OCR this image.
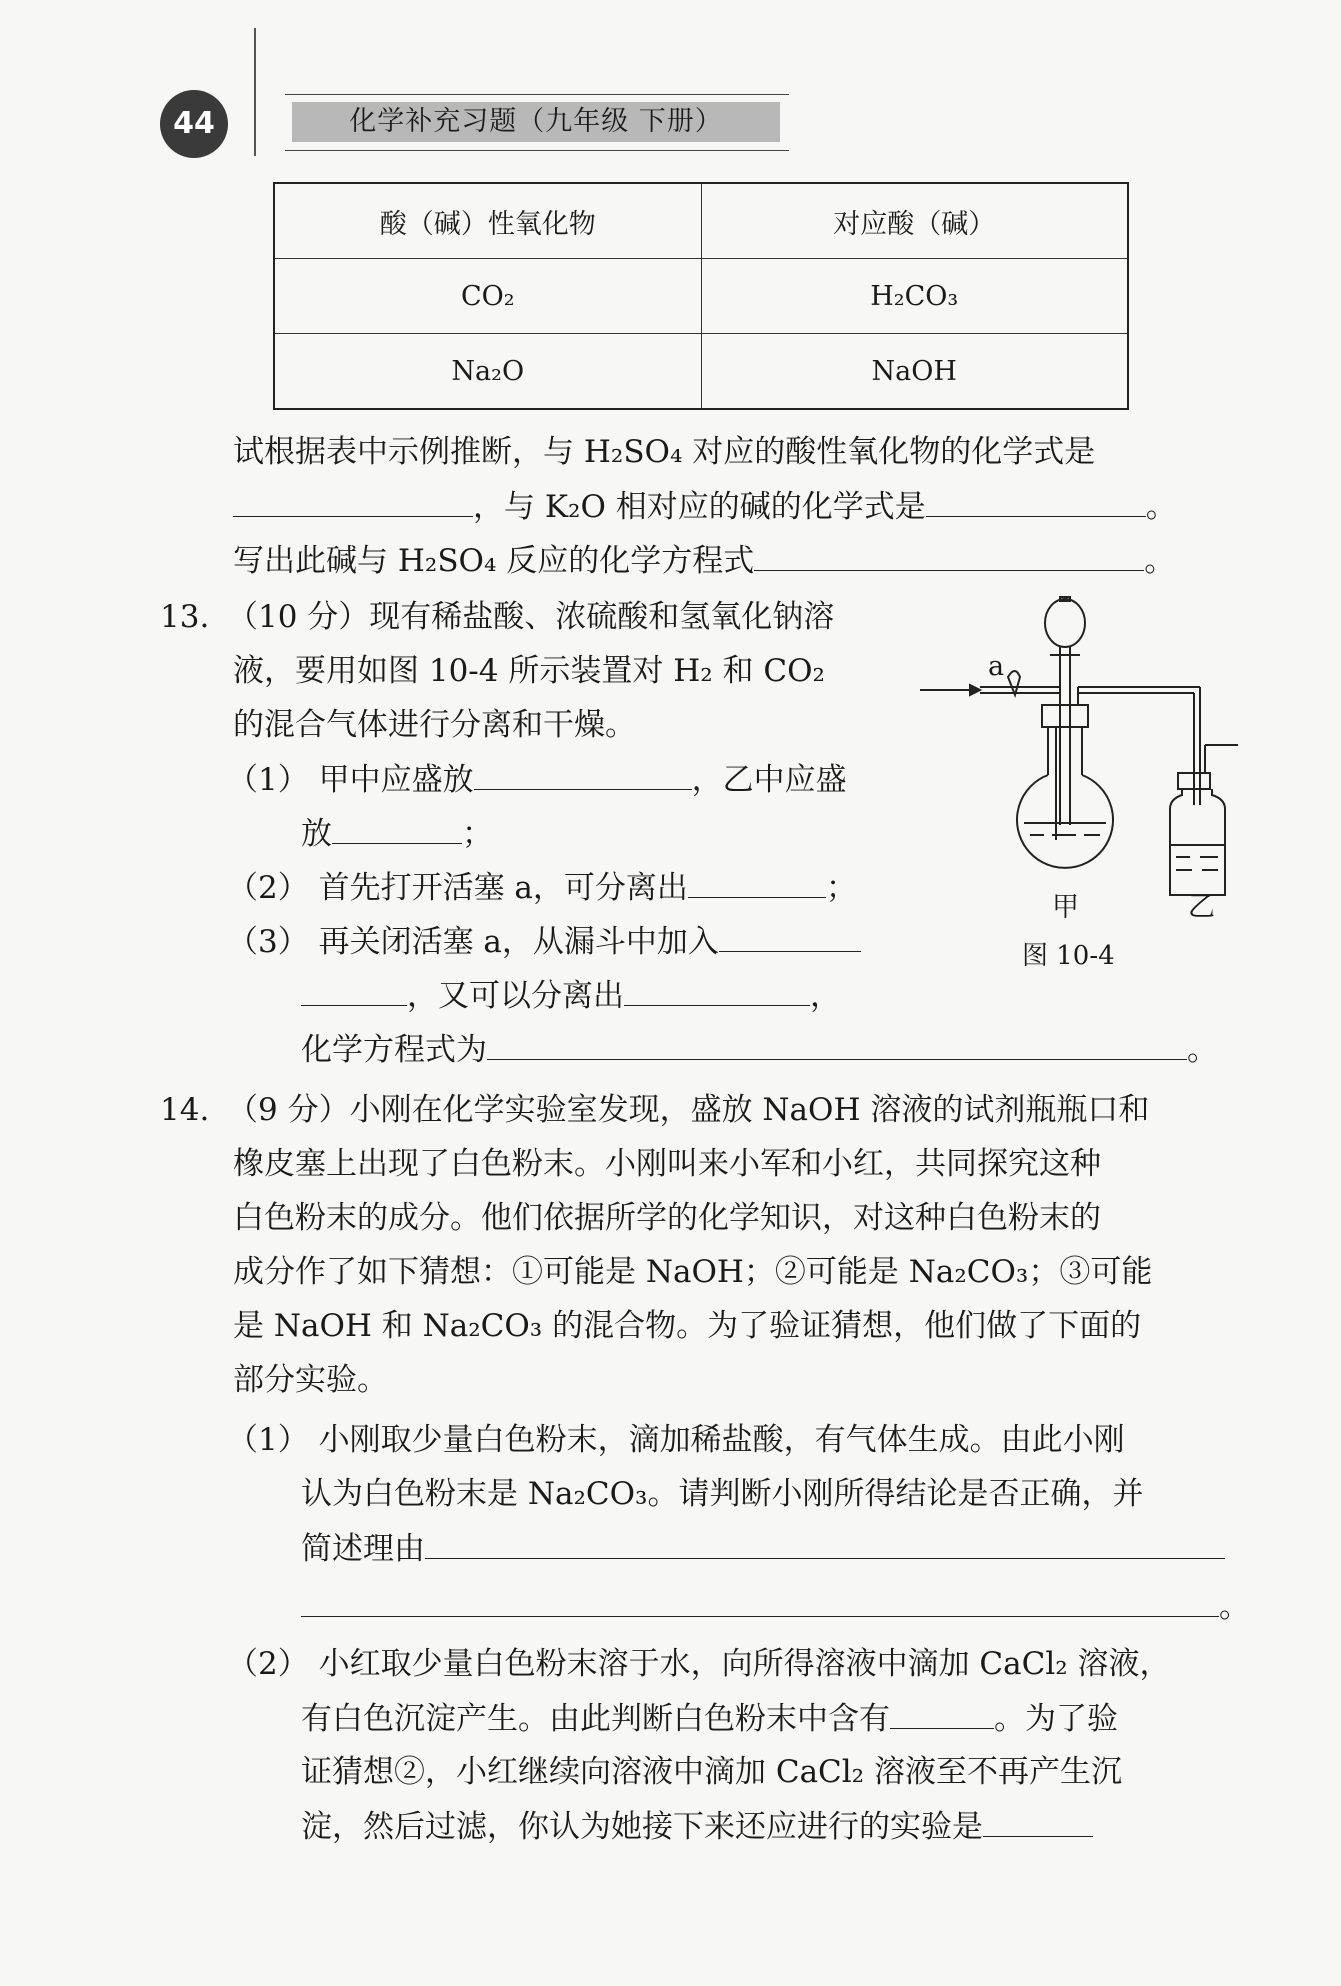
44	化学补充习题（九年级 下册）
酸（碱）性氧化物	对应酸（碱）
CO₂	H₂CO₃
Na₂O	NaOH
试根据表中示例推断，与 H₂SO₄ 对应的酸性氧化物的化学式是
，与 K₂O 相对应的碱的化学式是	。
写出此碱与 H₂SO₄ 反应的化学方程式	。
13. （10 分）现有稀盐酸、浓硫酸和氢氧化钠溶
液，要用如图 10-4 所示装置对 H₂ 和 CO₂
的混合气体进行分离和干燥。
（1） 甲中应盛放	，乙中应盛
放	；
（2） 首先打开活塞 a，可分离出	；
（3） 再关闭活塞 a，从漏斗中加入
，又可以分离出	，
化学方程式为	。
a
甲	乙
图 10-4
14. （9 分）小刚在化学实验室发现，盛放 NaOH 溶液的试剂瓶瓶口和
橡皮塞上出现了白色粉末。小刚叫来小军和小红，共同探究这种
白色粉末的成分。他们依据所学的化学知识，对这种白色粉末的
成分作了如下猜想：①可能是 NaOH；②可能是 Na₂CO₃；③可能
是 NaOH 和 Na₂CO₃ 的混合物。为了验证猜想，他们做了下面的
部分实验。
（1） 小刚取少量白色粉末，滴加稀盐酸，有气体生成。由此小刚
认为白色粉末是 Na₂CO₃。请判断小刚所得结论是否正确，并
简述理由
。
（2） 小红取少量白色粉末溶于水，向所得溶液中滴加 CaCl₂ 溶液，
有白色沉淀产生。由此判断白色粉末中含有	。为了验
证猜想②，小红继续向溶液中滴加 CaCl₂ 溶液至不再产生沉
淀，然后过滤，你认为她接下来还应进行的实验是
